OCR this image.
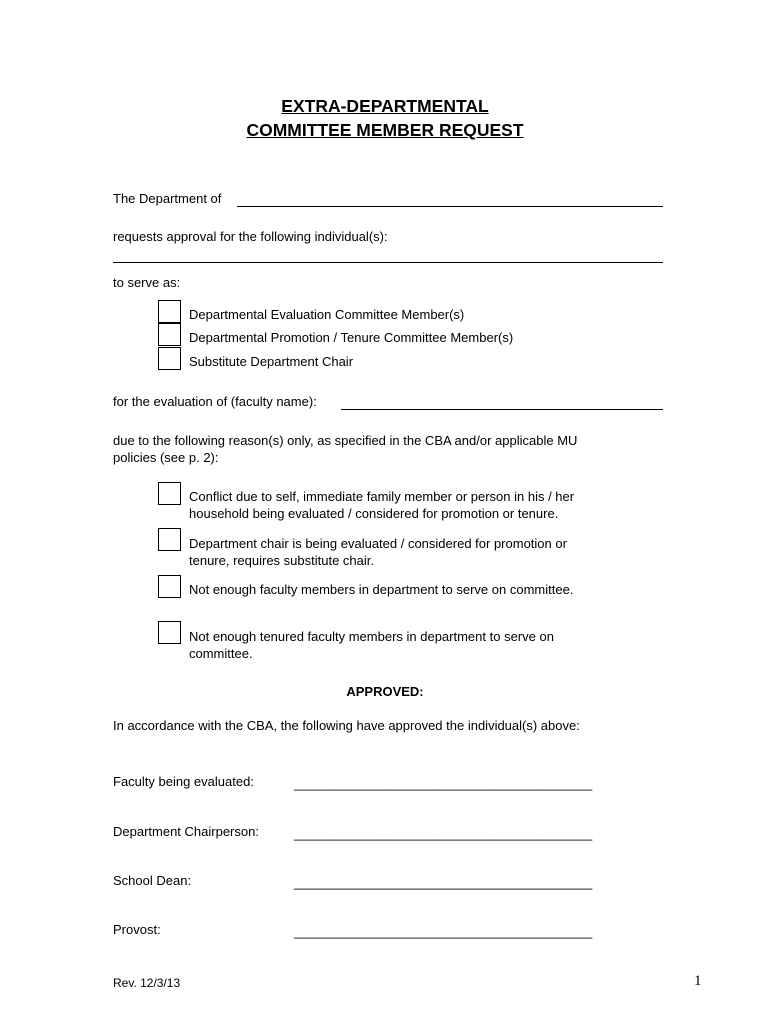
EXTRA-DEPARTMENTAL
COMMITTEE MEMBER REQUEST
The Department of
requests approval for the following individual(s):
to serve as:
Departmental Evaluation Committee Member(s)
Departmental Promotion / Tenure Committee Member(s)
Substitute Department Chair
for the evaluation of (faculty name):
due to the following reason(s) only, as specified in the CBA and/or applicable MU
policies (see p. 2):
Conflict due to self, immediate family member or person in his / her
household being evaluated / considered for promotion or tenure.
Department chair is being evaluated / considered for promotion or
tenure, requires substitute chair.
Not enough faculty members in department to serve on committee.
Not enough tenured faculty members in department to serve on
committee.
APPROVED:
In accordance with the CBA, the following have approved the individual(s) above:
Faculty being evaluated:	___________________________________________
Department Chairperson:	___________________________________________
School Dean:	___________________________________________
Provost:	___________________________________________
Rev. 12/3/13	1
